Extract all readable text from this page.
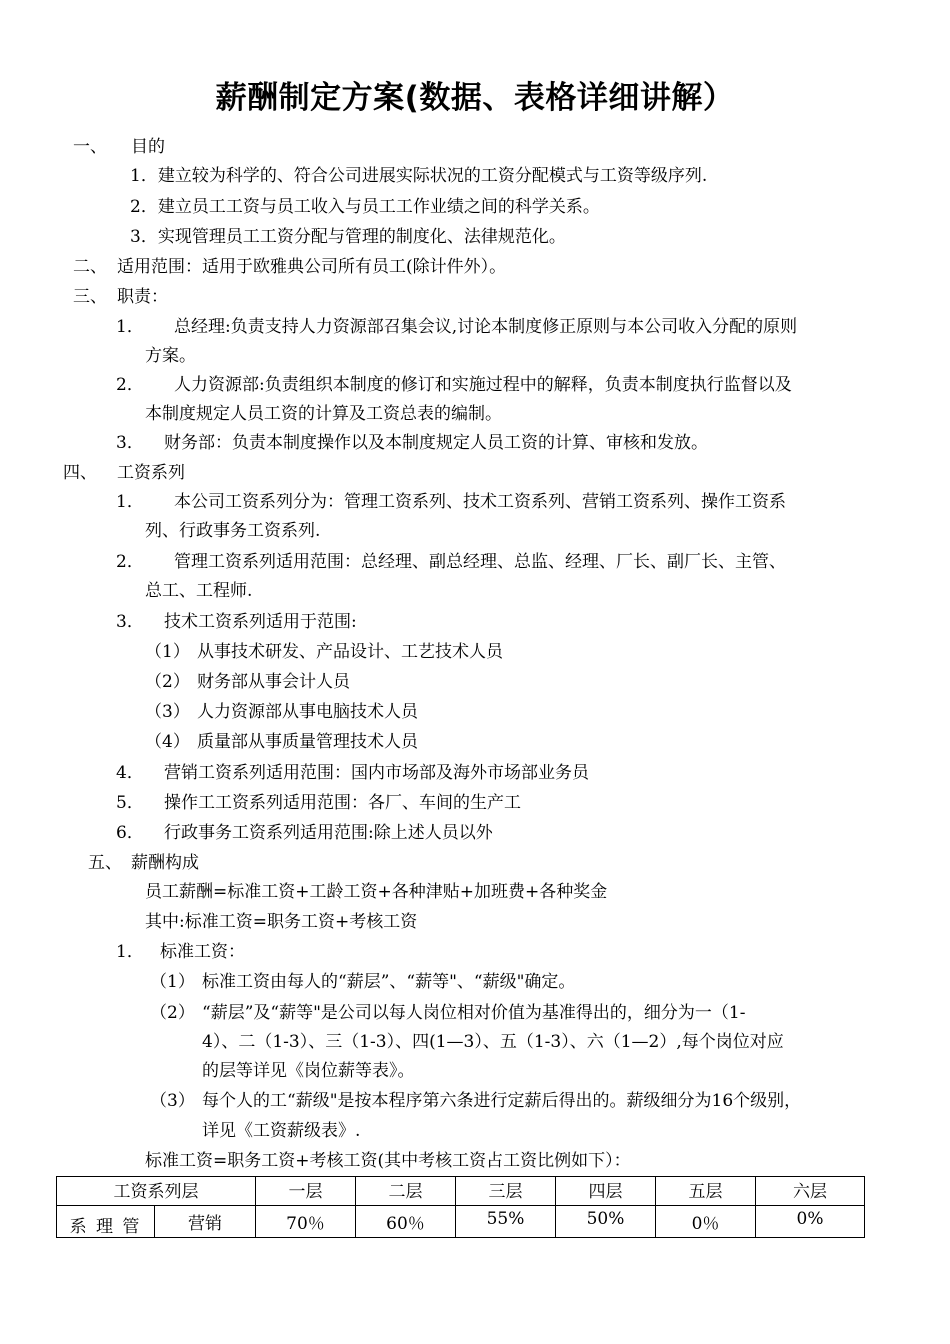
薪酬制定方案(数据、表格详细讲解）
一、 目的
1．建立较为科学的、符合公司进展实际状况的工资分配模式与工资等级序列.
2．建立员工工资与员工收入与员工工作业绩之间的科学关系。
3．实现管理员工工资分配与管理的制度化、法律规范化。
二、 适用范围：适用于欧雅典公司所有员工(除计件外）。
三、 职责：
1． 总经理:负责支持人力资源部召集会议,讨论本制度修正原则与本公司收入分配的原则
方案。
2． 人力资源部:负责组织本制度的修订和实施过程中的解释，负责本制度执行监督以及
本制度规定人员工资的计算及工资总表的编制。
3． 财务部：负责本制度操作以及本制度规定人员工资的计算、审核和发放。
四、 工资系列
1． 本公司工资系列分为：管理工资系列、技术工资系列、营销工资系列、操作工资系
列、行政事务工资系列.
2． 管理工资系列适用范围：总经理、副总经理、总监、经理、厂长、副厂长、主管、
总工、工程师.
3． 技术工资系列适用于范围:
（1） 从事技术研发、产品设计、工艺技术人员
（2） 财务部从事会计人员
（3） 人力资源部从事电脑技术人员
（4） 质量部从事质量管理技术人员
4． 营销工资系列适用范围：国内市场部及海外市场部业务员
5． 操作工工资系列适用范围：各厂、车间的生产工
6． 行政事务工资系列适用范围:除上述人员以外
五、 薪酬构成
员工薪酬=标准工资+工龄工资+各种津贴+加班费+各种奖金
其中:标准工资=职务工资+考核工资
1． 标准工资：
（1） 标准工资由每人的“薪层”、“薪等"、“薪级"确定。
（2） “薪层”及“薪等"是公司以每人岗位相对价值为基准得出的，细分为一（1-
4）、二（1-3）、三（1-3）、四(1—3）、五（1-3）、六（1—2）,每个岗位对应
的层等详见《岗位薪等表》。
（3） 每个人的工“薪级"是按本程序第六条进行定薪后得出的。薪级细分为16个级别，
详见《工资薪级表》.
标准工资=职务工资+考核工资(其中考核工资占工资比例如下）：
工资系列层		一层	二层	三层	四层	五层	六层
系 理 管	营销	70％	60％	55%	50%	0％	0%
